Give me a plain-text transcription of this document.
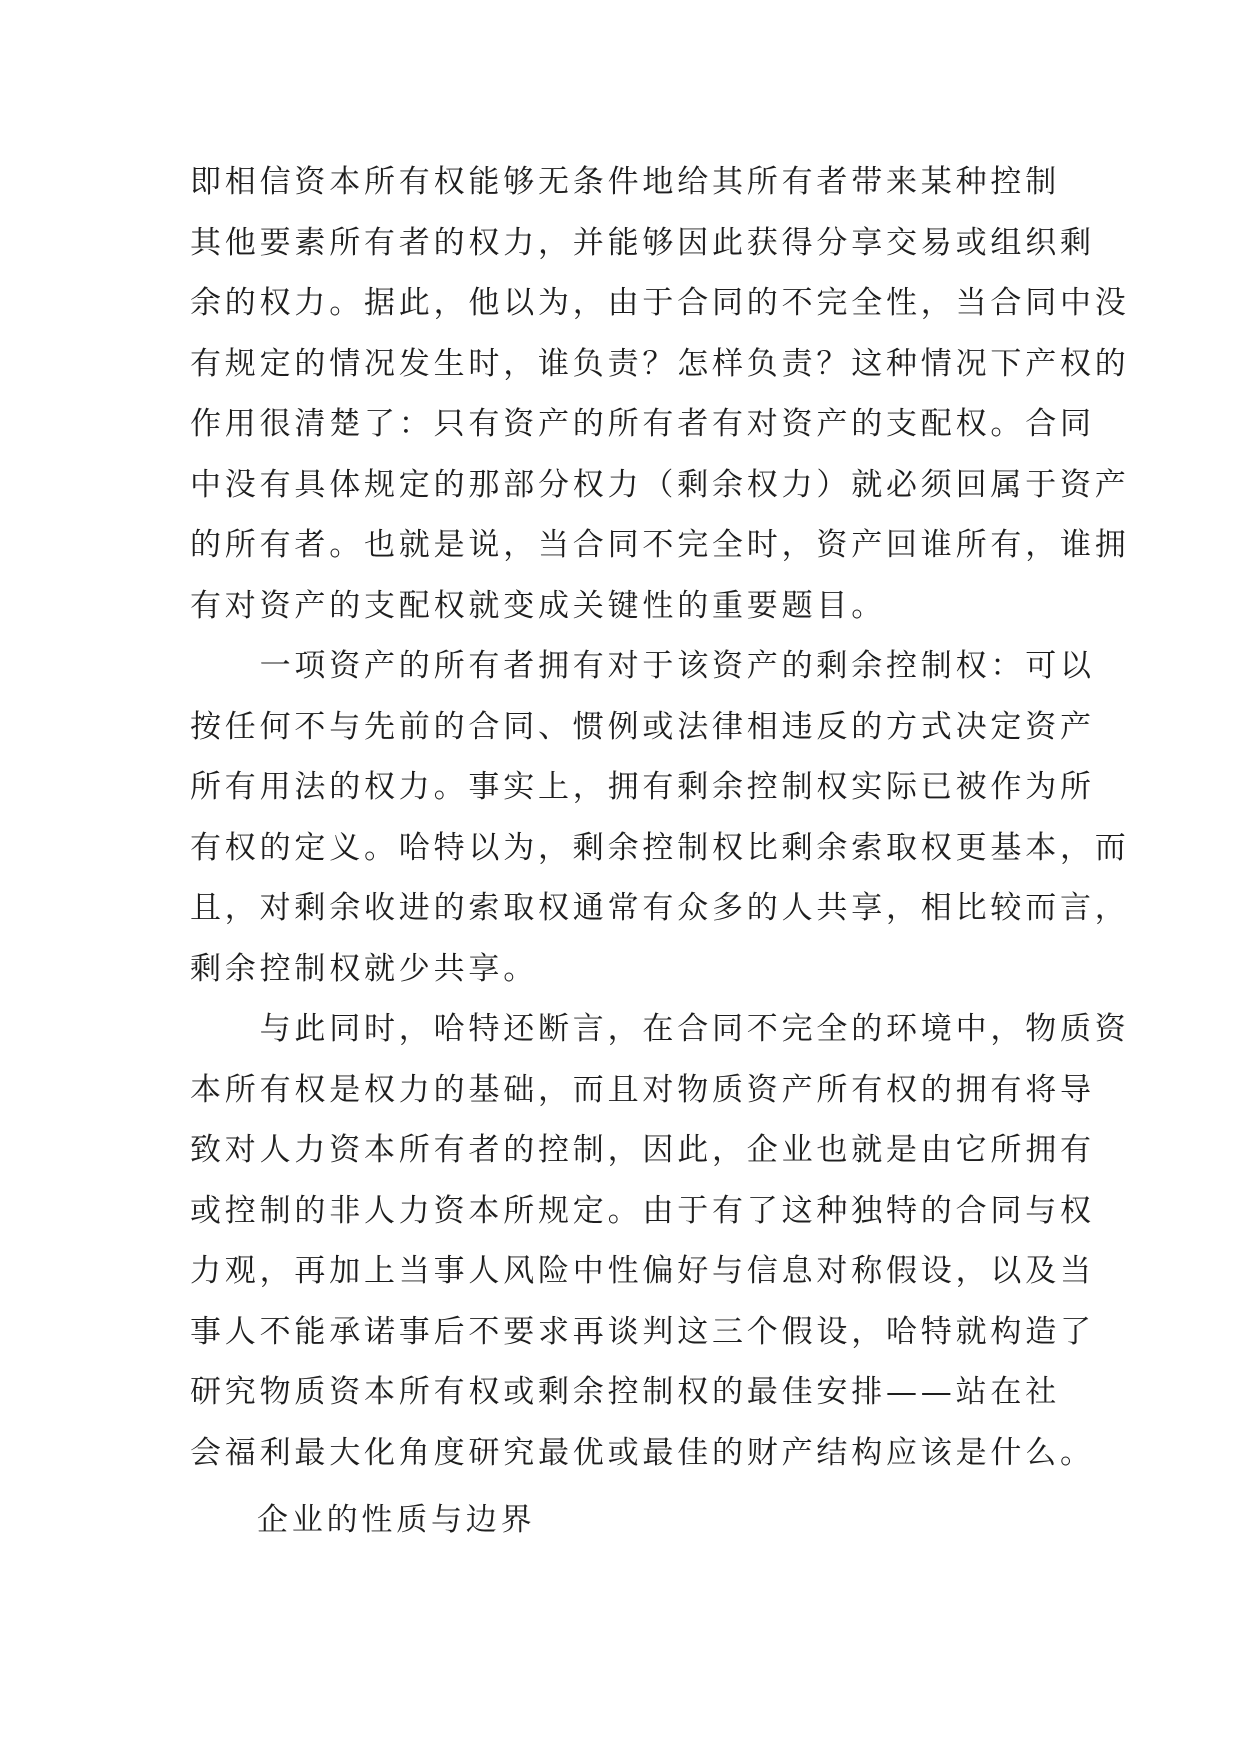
即相信资本所有权能够无条件地给其所有者带来某种控制
其他要素所有者的权力，并能够因此获得分享交易或组织剩
余的权力。据此，他以为，由于合同的不完全性，当合同中没
有规定的情况发生时，谁负责？怎样负责？这种情况下产权的
作用很清楚了：只有资产的所有者有对资产的支配权。合同
中没有具体规定的那部分权力（剩余权力）就必须回属于资产
的所有者。也就是说，当合同不完全时，资产回谁所有，谁拥
有对资产的支配权就变成关键性的重要题目。
　　一项资产的所有者拥有对于该资产的剩余控制权：可以
按任何不与先前的合同、惯例或法律相违反的方式决定资产
所有用法的权力。事实上，拥有剩余控制权实际已被作为所
有权的定义。哈特以为，剩余控制权比剩余索取权更基本，而
且，对剩余收进的索取权通常有众多的人共享，相比较而言，
剩余控制权就少共享。
　　与此同时，哈特还断言，在合同不完全的环境中，物质资
本所有权是权力的基础，而且对物质资产所有权的拥有将导
致对人力资本所有者的控制，因此，企业也就是由它所拥有
或控制的非人力资本所规定。由于有了这种独特的合同与权
力观，再加上当事人风险中性偏好与信息对称假设，以及当
事人不能承诺事后不要求再谈判这三个假设，哈特就构造了
研究物质资本所有权或剩余控制权的最佳安排——站在社
会福利最大化角度研究最优或最佳的财产结构应该是什么。
企业的性质与边界
